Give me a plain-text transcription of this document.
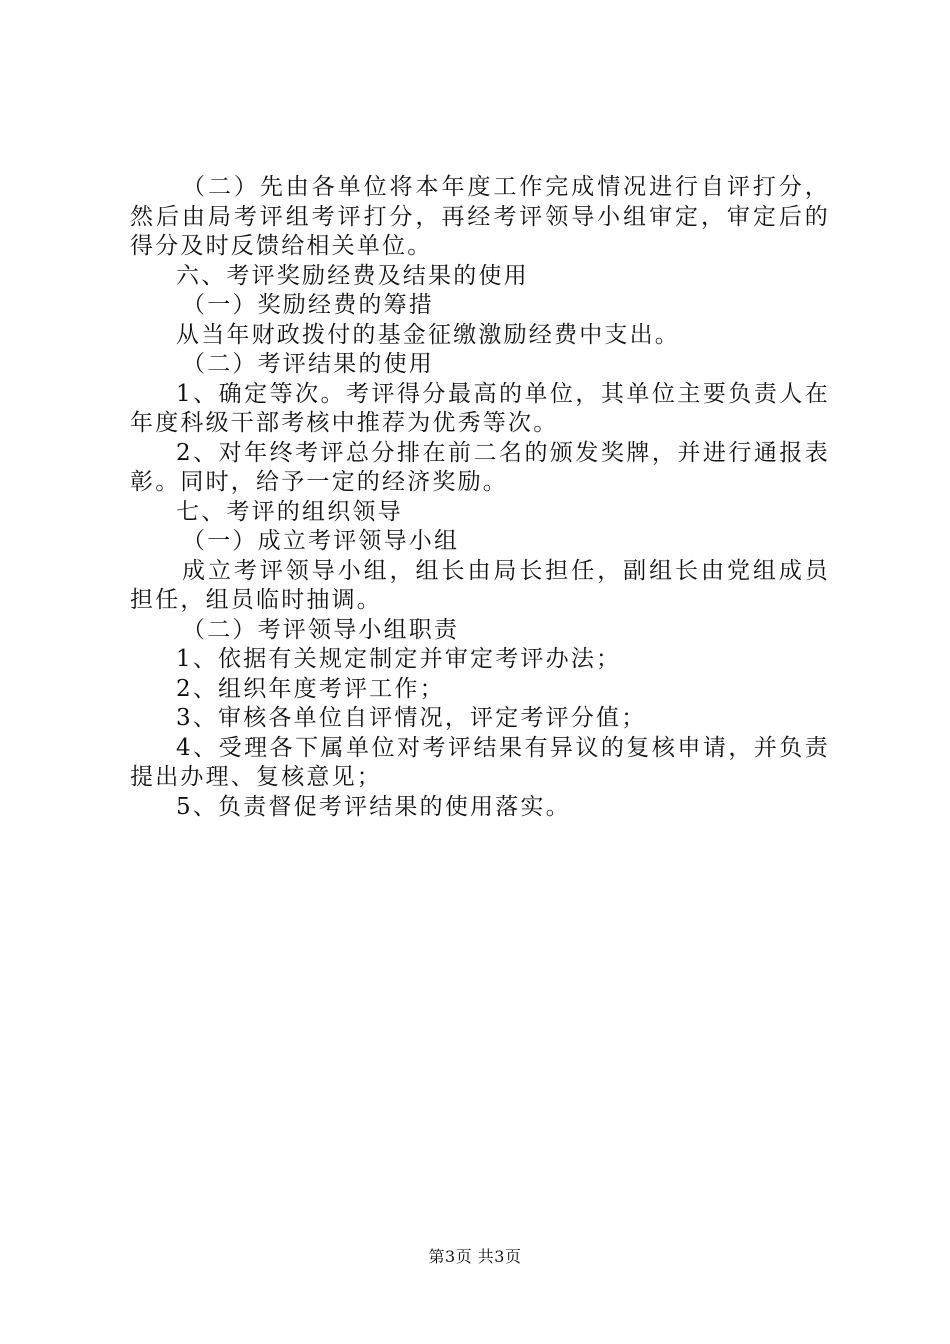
（二）先由各单位将本年度工作完成情况进行自评打分，然后由局考评组考评打分，再经考评领导小组审定，审定后的得分及时反馈给相关单位。

六、考评奖励经费及结果的使用

（一）奖励经费的筹措

从当年财政拨付的基金征缴激励经费中支出。

（二）考评结果的使用

1、确定等次。考评得分最高的单位，其单位主要负责人在年度科级干部考核中推荐为优秀等次。

2、对年终考评总分排在前二名的颁发奖牌，并进行通报表彰。同时，给予一定的经济奖励。

七、考评的组织领导

（一）成立考评领导小组

成立考评领导小组，组长由局长担任，副组长由党组成员担任，组员临时抽调。

（二）考评领导小组职责

1、依据有关规定制定并审定考评办法；

2、组织年度考评工作；

3、审核各单位自评情况，评定考评分值；

4、受理各下属单位对考评结果有异议的复核申请，并负责提出办理、复核意见；

5、负责督促考评结果的使用落实。

第3页 共3页
